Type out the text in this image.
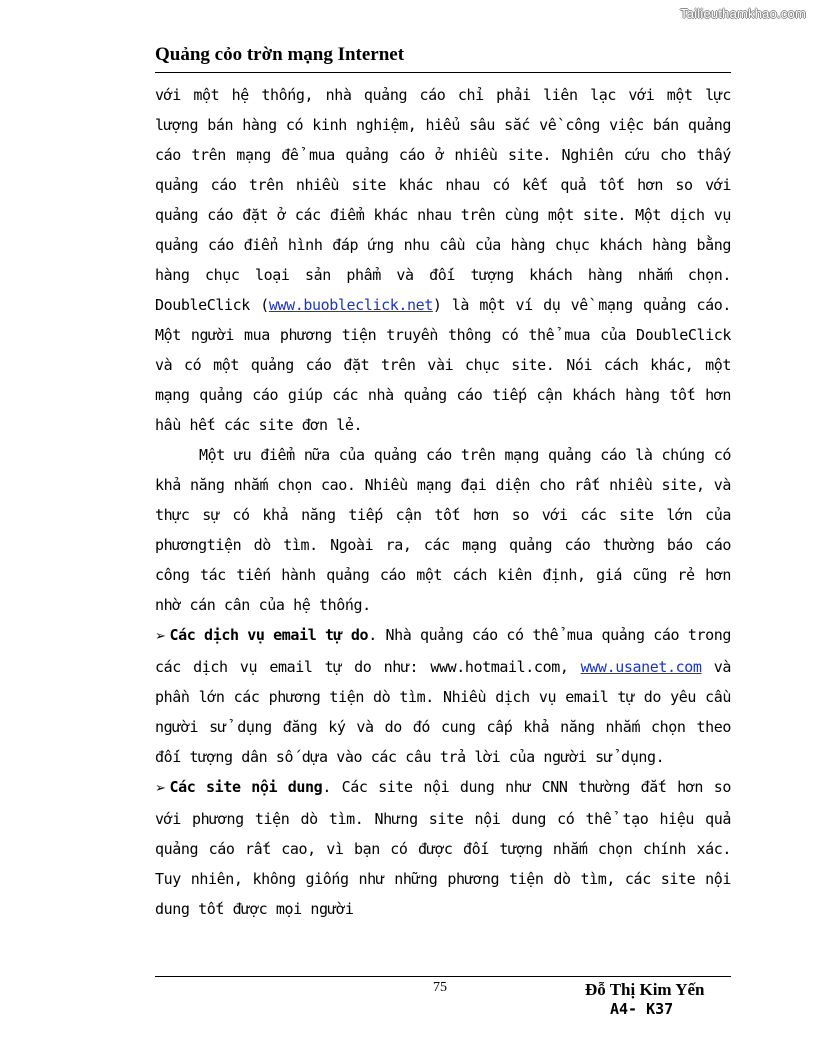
Tailieuthamkhao.com
Quảng cỏo trờn mạng Internet

với một hệ thống, nhà quảng cáo chỉ phải liên lạc với một lực lượng bán hàng có kinh nghiệm, hiểu sâu sắc về công việc bán quảng cáo trên mạng để mua quảng cáo ở nhiều site. Nghiên cứu cho thấy quảng cáo trên nhiều site khác nhau có kết quả tốt hơn so với quảng cáo đặt ở các điểm khác nhau trên cùng một site. Một dịch vụ quảng cáo điển hình đáp ứng nhu cầu của hàng chục khách hàng bằng hàng chục loại sản phẩm và đối tượng khách hàng nhắm chọn. DoubleClick (www.buobleclick.net) là một ví dụ về mạng quảng cáo. Một người mua phương tiện truyền thông có thể mua của DoubleClick và có một quảng cáo đặt trên vài chục site. Nói cách khác, một mạng quảng cáo giúp các nhà quảng cáo tiếp cận khách hàng tốt hơn hầu hết các site đơn lẻ.

Một ưu điểm nữa của quảng cáo trên mạng quảng cáo là chúng có khả năng nhắm chọn cao. Nhiều mạng đại diện cho rất nhiều site, và thực sự có khả năng tiếp cận tốt hơn so với các site lớn của phươngtiện dò tìm. Ngoài ra, các mạng quảng cáo thường báo cáo công tác tiến hành quảng cáo một cách kiên định, giá cũng rẻ hơn nhờ cán cân của hệ thống.

➢ Các dịch vụ email tự do. Nhà quảng cáo có thể mua quảng cáo trong các dịch vụ email tự do như: www.hotmail.com, www.usanet.com và phần lớn các phương tiện dò tìm. Nhiều dịch vụ email tự do yêu cầu người sử dụng đăng ký và do đó cung cấp khả năng nhắm chọn theo đối tượng dân số dựa vào các câu trả lời của người sử dụng.

➢ Các site nội dung. Các site nội dung như CNN thường đắt hơn so với phương tiện dò tìm. Nhưng site nội dung có thể tạo hiệu quả quảng cáo rất cao, vì bạn có được đối tượng nhắm chọn chính xác. Tuy nhiên, không giống như những phương tiện dò tìm, các site nội dung tốt được mọi người

75	Đỗ Thị Kim Yến
A4- K37
